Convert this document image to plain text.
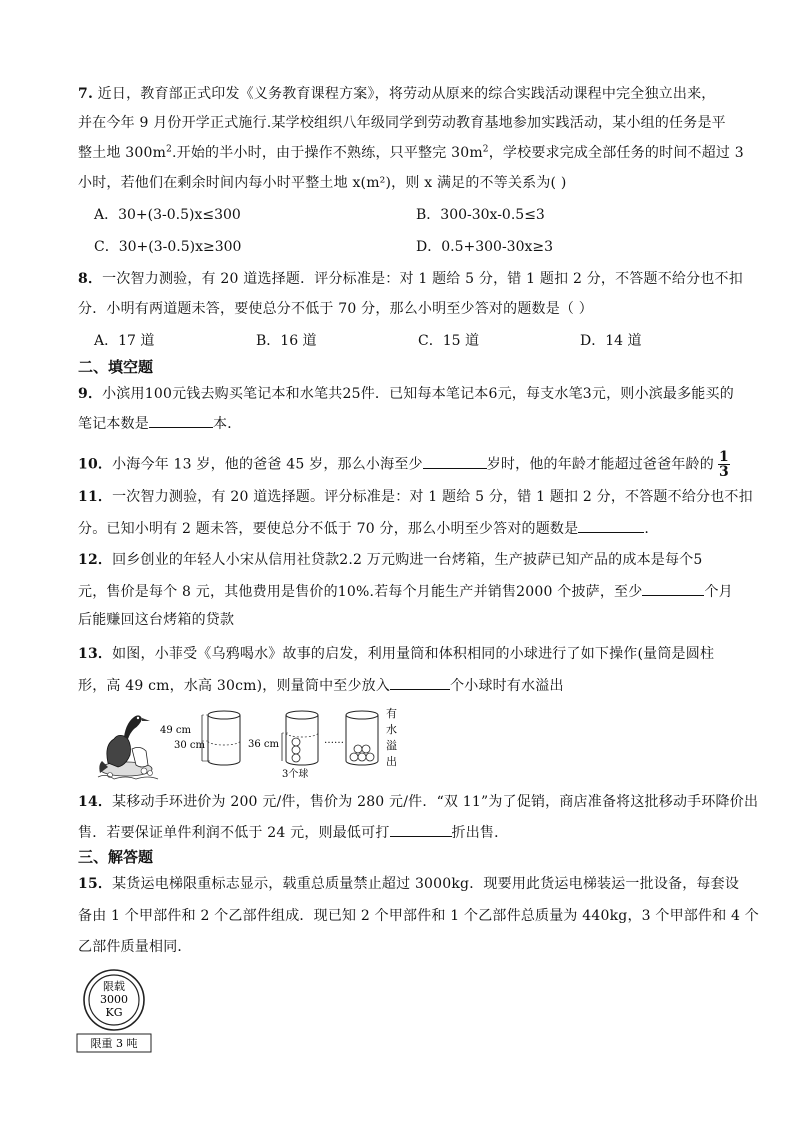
7. 近日，教育部正式印发《义务教育课程方案》，将劳动从原来的综合实践活动课程中完全独立出来，
并在今年 9 月份开学正式施行.某学校组织八年级同学到劳动教育基地参加实践活动，某小组的任务是平
整土地 $300m^2$.开始的半小时，由于操作不熟练，只平整完 $30m^2$，学校要求完成全部任务的时间不超过 3
小时，若他们在剩余时间内每小时平整土地 x(m²)，则 x 满足的不等关系为( )
A．30+(3-0.5)x≤300	B．300-30x-0.5≤3
C．30+(3-0.5)x≥300	D．0.5+300-30x≥3
8．一次智力测验，有 20 道选择题．评分标准是：对 1 题给 5 分，错 1 题扣 2 分，不答题不给分也不扣
分．小明有两道题未答，要使总分不低于 70 分，那么小明至少答对的题数是（ ）
A．17 道	B．16 道	C．15 道	D．14 道
二、填空题
9．小滨用100元钱去购买笔记本和水笔共25件．已知每本笔记本6元，每支水笔3元，则小滨最多能买的
笔记本数是	本．
10．小海今年 13 岁，他的爸爸 45 岁，那么小海至少	岁时，他的年龄才能超过爸爸年龄的 $\frac{1}{3}$
11．一次智力测验，有 20 道选择题。评分标准是：对 1 题给 5 分，错 1 题扣 2 分，不答题不给分也不扣
分。已知小明有 2 题未答，要使总分不低于 70 分，那么小明至少答对的题数是	.
12．回乡创业的年轻人小宋从信用社贷款2.2 万元购进一台烤箱，生产披萨已知产品的成本是每个5
元，售价是每个 8 元，其他费用是售价的10%.若每个月能生产并销售2000 个披萨，至少	个月
后能赚回这台烤箱的贷款
13．如图，小菲受《乌鸦喝水》故事的启发，利用量筒和体积相同的小球进行了如下操作(量筒是圆柱
形，高 49 cm，水高 30cm)，则量筒中至少放入	个小球时有水溢出
49 cm
30 cm	36 cm
3个球
……
有
水
溢
出
14．某移动手环进价为 200 元/件，售价为 280 元/件．“双 11”为了促销，商店准备将这批移动手环降价出
售．若要保证单件利润不低于 24 元，则最低可打	折出售．
三、解答题
15．某货运电梯限重标志显示，载重总质量禁止超过 3000kg．现要用此货运电梯装运一批设备，每套设
备由 1 个甲部件和 2 个乙部件组成．现已知 2 个甲部件和 1 个乙部件总质量为 440kg，3 个甲部件和 4 个
乙部件质量相同．
限载
3000
KG
限重 3 吨
